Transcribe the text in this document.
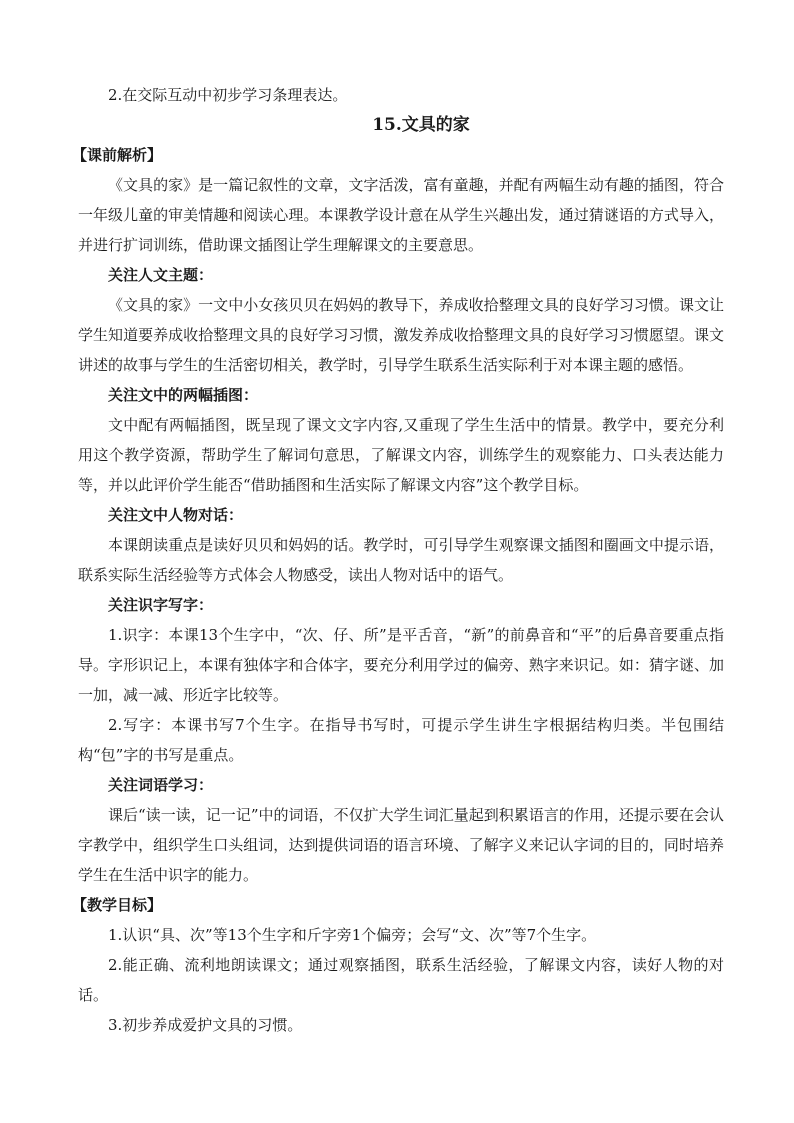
2.在交际互动中初步学习条理表达。

15.文具的家

【课前解析】

《文具的家》是一篇记叙性的文章，文字活泼，富有童趣，并配有两幅生动有趣的插图，符合一年级儿童的审美情趣和阅读心理。本课教学设计意在从学生兴趣出发，通过猜谜语的方式导入，并进行扩词训练，借助课文插图让学生理解课文的主要意思。

关注人文主题：

《文具的家》一文中小女孩贝贝在妈妈的教导下，养成收拾整理文具的良好学习习惯。课文让学生知道要养成收拾整理文具的良好学习习惯，激发养成收拾整理文具的良好学习习惯愿望。课文讲述的故事与学生的生活密切相关，教学时，引导学生联系生活实际利于对本课主题的感悟。

关注文中的两幅插图：

文中配有两幅插图，既呈现了课文文字内容,又重现了学生生活中的情景。教学中，要充分利用这个教学资源，帮助学生了解词句意思，了解课文内容，训练学生的观察能力、口头表达能力等，并以此评价学生能否“借助插图和生活实际了解课文内容”这个教学目标。

关注文中人物对话：

本课朗读重点是读好贝贝和妈妈的话。教学时，可引导学生观察课文插图和圈画文中提示语，联系实际生活经验等方式体会人物感受，读出人物对话中的语气。

关注识字写字：

1.识字：本课13个生字中，“次、仔、所”是平舌音，“新”的前鼻音和“平”的后鼻音要重点指导。字形识记上，本课有独体字和合体字，要充分利用学过的偏旁、熟字来识记。如：猜字谜、加一加，减一减、形近字比较等。

2.写字：本课书写7个生字。在指导书写时，可提示学生讲生字根据结构归类。半包围结构“包”字的书写是重点。

关注词语学习：

课后“读一读，记一记”中的词语，不仅扩大学生词汇量起到积累语言的作用，还提示要在会认字教学中，组织学生口头组词，达到提供词语的语言环境、了解字义来记认字词的目的，同时培养学生在生活中识字的能力。

【教学目标】

1.认识“具、次”等13个生字和斤字旁1个偏旁；会写“文、次”等7个生字。

2.能正确、流利地朗读课文；通过观察插图，联系生活经验，了解课文内容，读好人物的对话。

3.初步养成爱护文具的习惯。
